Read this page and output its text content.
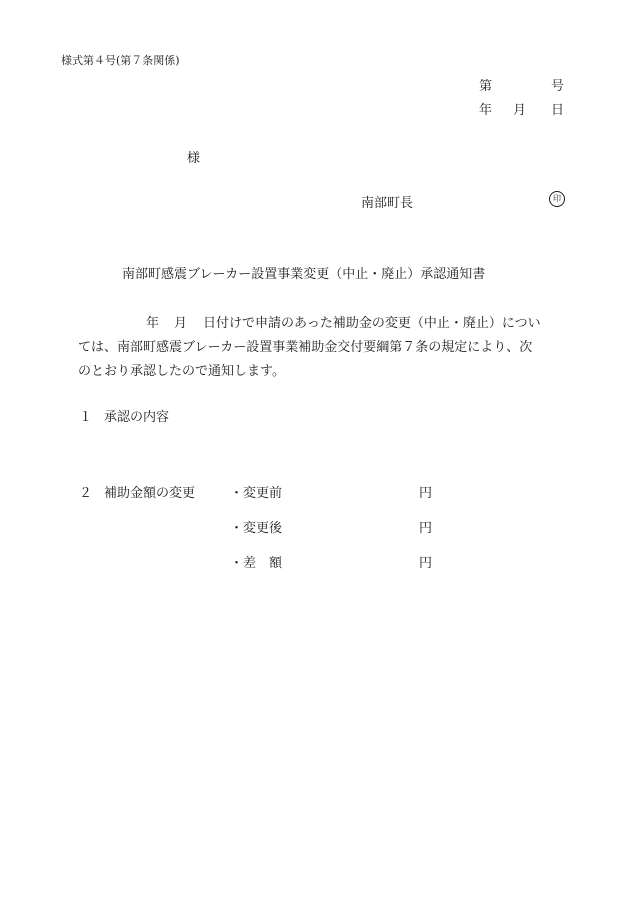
様式第４号(第７条関係)
第	号
年 月 日
様
南部町長	印
南部町感震ブレーカー設置事業変更（中止・廃止）承認通知書
年 月 日付けで申請のあった補助金の変更（中止・廃止）につい
ては、南部町感震ブレーカー設置事業補助金交付要綱第７条の規定により、次
のとおり承認したので通知します。
１ 承認の内容
２ 補助金額の変更	・変更前	円
・変更後	円
・差　額	円
